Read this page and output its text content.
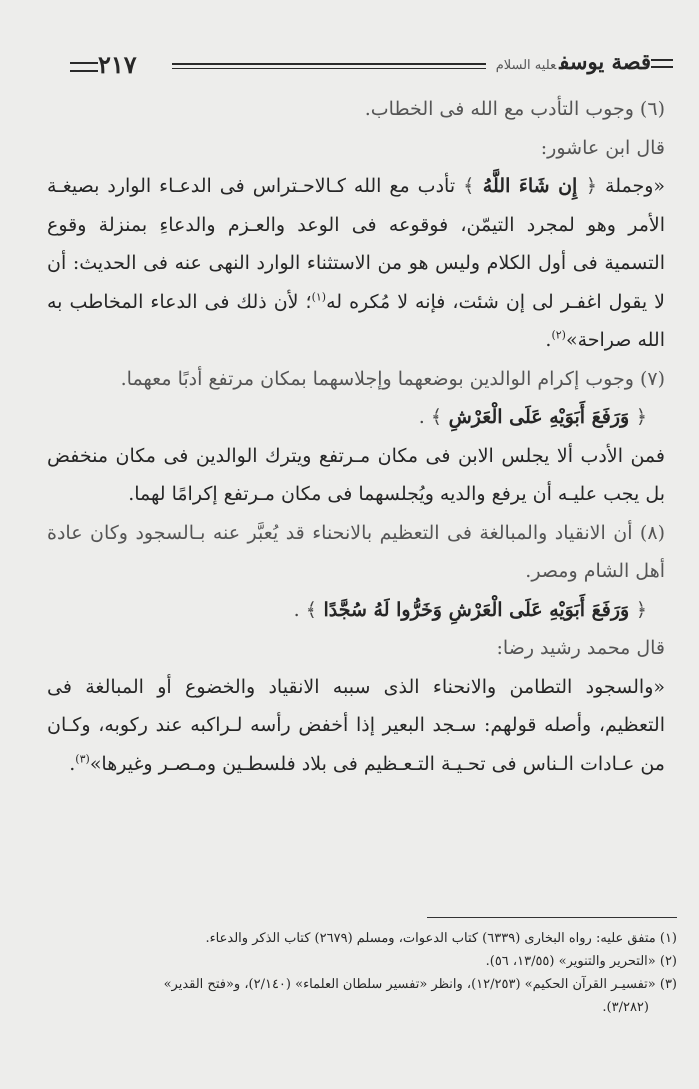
قصة يوسفعليه السلام
٢١٧

(٦) وجوب التأدب مع الله فى الخطاب.

قال ابن عاشور:

«وجملة ﴿ إِن شَاءَ اللَّهُ ﴾ تأدب مع الله كـالاحـتراس فى الدعـاء الوارد بصيغـة الأمر وهو لمجرد التيمّن، فوقوعه فى الوعد والعـزم والدعاءِ بمنزلة وقوع التسمية فى أول الكلام وليس هو من الاستثناء الوارد النهى عنه فى الحديث: أن لا يقول اغفـر لى إن شئت، فإنه لا مُكره له$^{(١)}$؛ لأن ذلك فى الدعاء المخاطب به الله صراحة»$^{(٢)}$.

(٧) وجوب إكرام الوالدين بوضعهما وإجلاسهما بمكان مرتفع أدبًا معهما.

﴿ وَرَفَعَ أَبَوَيْهِ عَلَى الْعَرْشِ ﴾ .

فمن الأدب ألا يجلس الابن فى مكان مـرتفع ويترك الوالدين فى مكان منخفض بل يجب عليـه أن يرفع والديه ويُجلسهما فى مكان مـرتفع إكرامًا لهما.

(٨) أن الانقياد والمبالغة فى التعظيم بالانحناء قد يُعبَّر عنه بـالسجود وكان عادة أهل الشام ومصر.

﴿ وَرَفَعَ أَبَوَيْهِ عَلَى الْعَرْشِ وَخَرُّوا لَهُ سُجَّدًا ﴾ .

قال محمد رشيد رضا:

«والسجود التطامن والانحناء الذى سببه الانقياد والخضوع أو المبالغة فى التعظيم، وأصله قولهم: سـجد البعير إذا أخفض رأسه لـراكبه عند ركوبه، وكـان من عـادات الـناس فى تحـيـة التـعـظيم فى بلاد فلسطـين ومـصـر وغيرها»$^{(٣)}$.

(١) متفق عليه: رواه البخارى (٦٣٣٩) كتاب الدعوات، ومسلم (٢٦٧٩) كتاب الذكر والدعاء.

(٢) «التحرير والتنوير» (١٣/٥٥، ٥٦).

(٣) «تفسيـر القرآن الحكيم» (١٢/٢٥٣)، وانظر «تفسير سلطان العلماء» (٢/١٤٠)، و«فتح القدير»

(٣/٢٨٢).
